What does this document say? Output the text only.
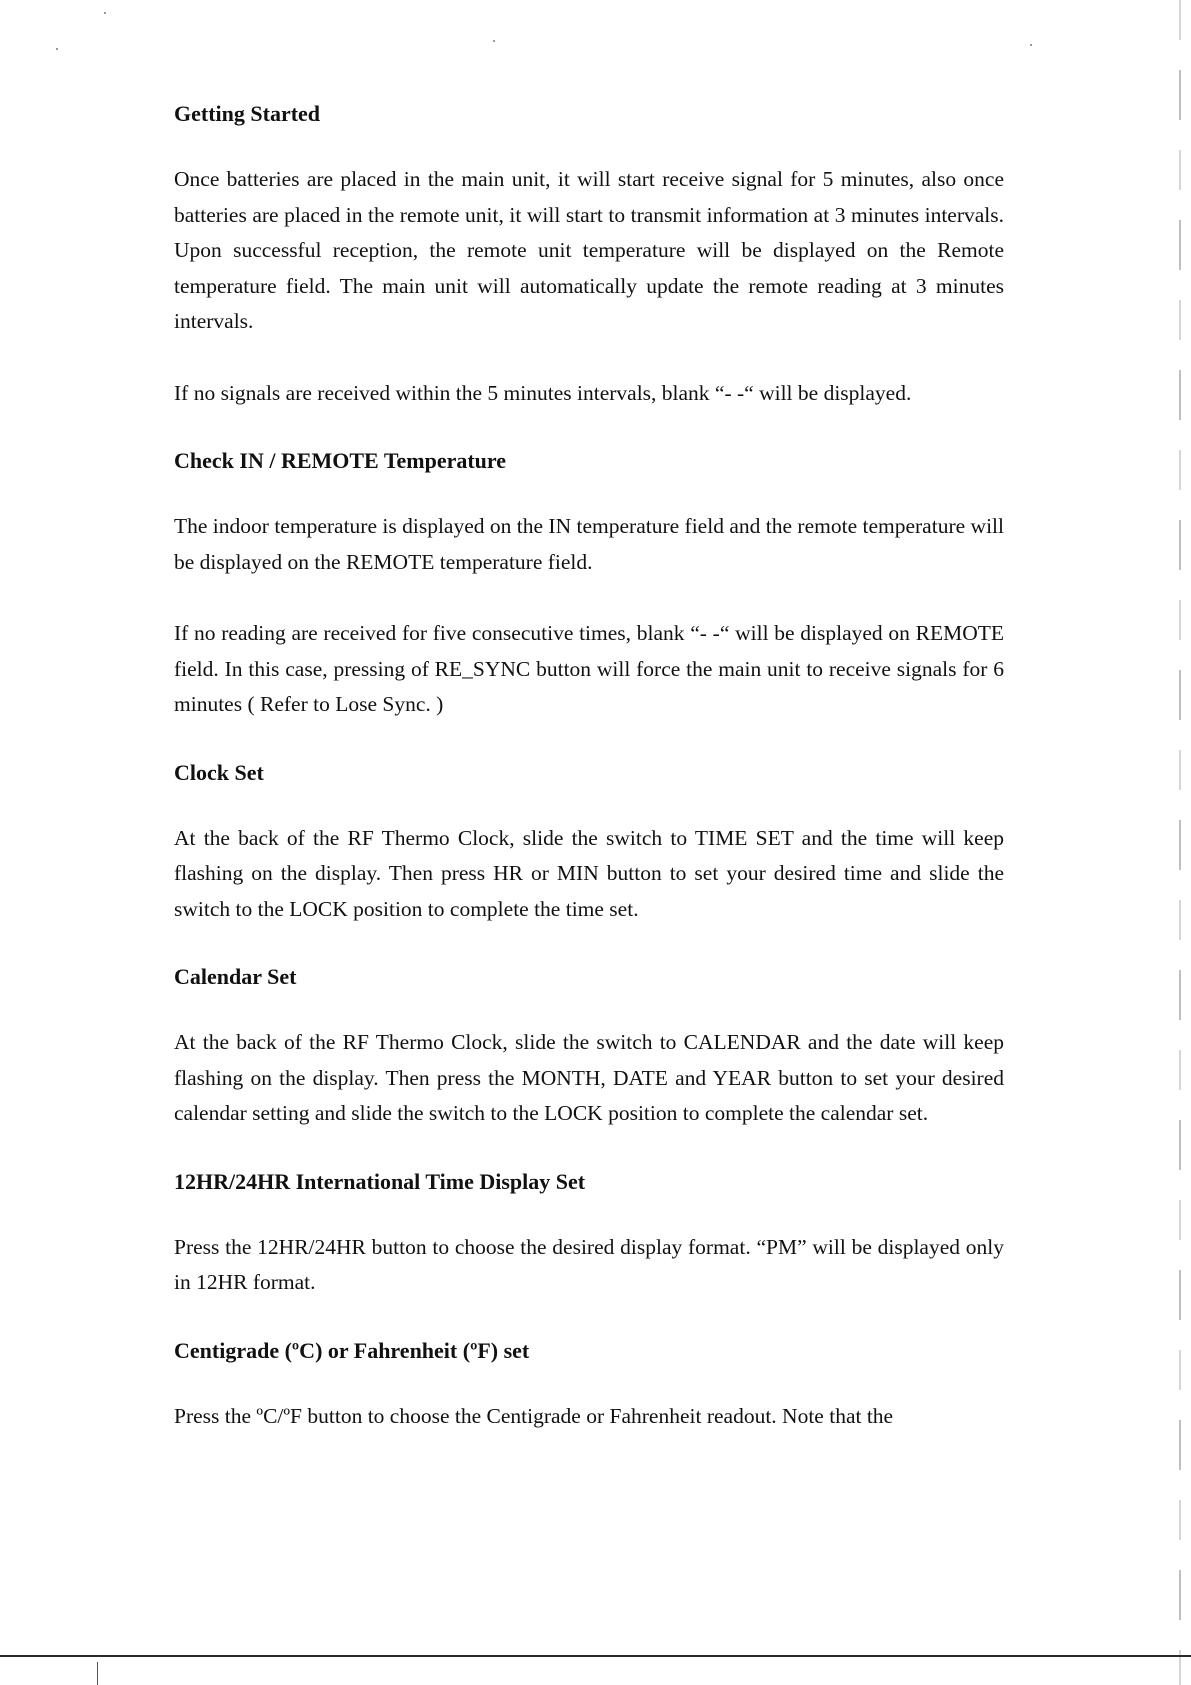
Getting Started

Once batteries are placed in the main unit, it will start receive signal for 5 minutes, also once batteries are placed in the remote unit, it will start to transmit information at 3 minutes intervals. Upon successful reception, the remote unit temperature will be displayed on the Remote temperature field. The main unit will automatically update the remote reading at 3 minutes intervals.

If no signals are received within the 5 minutes intervals, blank “- -“ will be displayed.

Check IN / REMOTE Temperature

The indoor temperature is displayed on the IN temperature field and the remote temperature will be displayed on the REMOTE temperature field.

If no reading are received for five consecutive times, blank “- -“ will be displayed on REMOTE field. In this case, pressing of RE_SYNC button will force the main unit to receive signals for 6 minutes ( Refer to Lose Sync. )

Clock Set

At the back of the RF Thermo Clock, slide the switch to TIME SET and the time will keep flashing on the display. Then press HR or MIN button to set your desired time and slide the switch to the LOCK position to complete the time set.

Calendar Set

At the back of the RF Thermo Clock, slide the switch to CALENDAR and the date will keep flashing on the display. Then press the MONTH, DATE and YEAR button to set your desired calendar setting and slide the switch to the LOCK position to complete the calendar set.

12HR/24HR International Time Display Set

Press the 12HR/24HR button to choose the desired display format. “PM” will be displayed only in 12HR format.

Centigrade (ºC) or Fahrenheit (ºF) set

Press the ºC/ºF button to choose the Centigrade or Fahrenheit readout. Note that the
